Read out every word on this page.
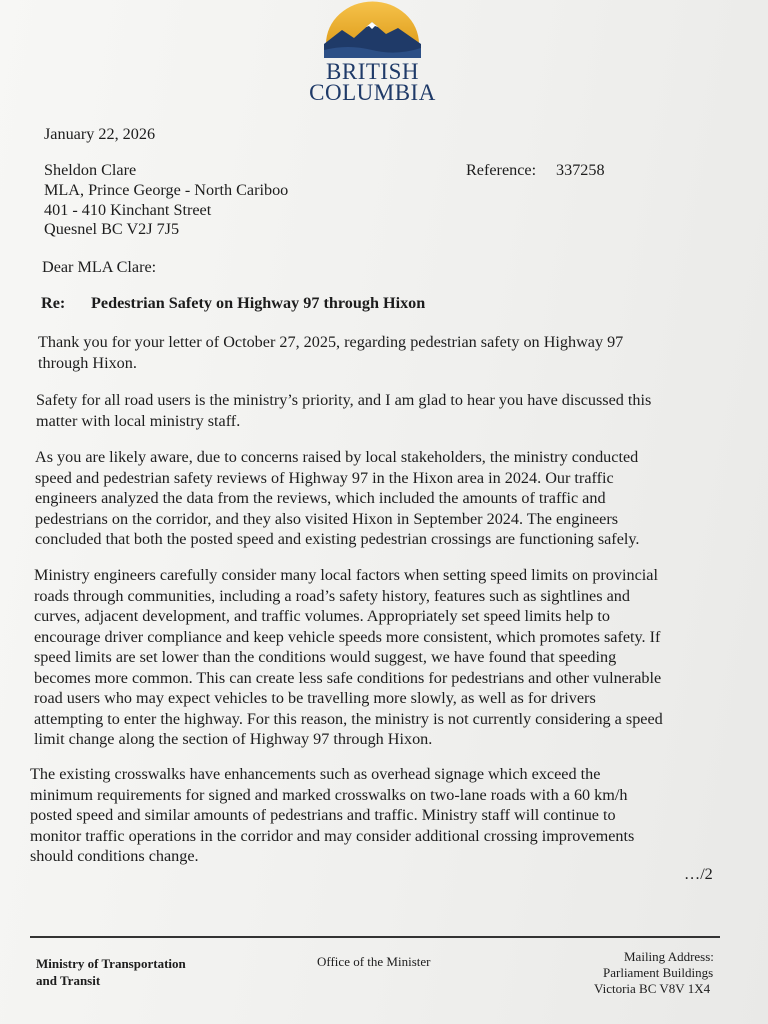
BRITISH
COLUMBIA
January 22, 2026
Sheldon Clare
MLA, Prince George - North Cariboo
401 - 410 Kinchant Street
Quesnel BC V2J 7J5
Reference: 337258
Dear MLA Clare:
Re: Pedestrian Safety on Highway 97 through Hixon
Thank you for your letter of October 27, 2025, regarding pedestrian safety on Highway 97
through Hixon.
Safety for all road users is the ministry’s priority, and I am glad to hear you have discussed this
matter with local ministry staff.
As you are likely aware, due to concerns raised by local stakeholders, the ministry conducted
speed and pedestrian safety reviews of Highway 97 in the Hixon area in 2024. Our traffic
engineers analyzed the data from the reviews, which included the amounts of traffic and
pedestrians on the corridor, and they also visited Hixon in September 2024. The engineers
concluded that both the posted speed and existing pedestrian crossings are functioning safely.
Ministry engineers carefully consider many local factors when setting speed limits on provincial
roads through communities, including a road’s safety history, features such as sightlines and
curves, adjacent development, and traffic volumes. Appropriately set speed limits help to
encourage driver compliance and keep vehicle speeds more consistent, which promotes safety. If
speed limits are set lower than the conditions would suggest, we have found that speeding
becomes more common. This can create less safe conditions for pedestrians and other vulnerable
road users who may expect vehicles to be travelling more slowly, as well as for drivers
attempting to enter the highway. For this reason, the ministry is not currently considering a speed
limit change along the section of Highway 97 through Hixon.
The existing crosswalks have enhancements such as overhead signage which exceed the
minimum requirements for signed and marked crosswalks on two-lane roads with a 60 km/h
posted speed and similar amounts of pedestrians and traffic. Ministry staff will continue to
monitor traffic operations in the corridor and may consider additional crossing improvements
should conditions change.
…/2
Ministry of Transportation
and Transit
Office of the Minister	Mailing Address:
Parliament Buildings
Victoria BC V8V 1X4
